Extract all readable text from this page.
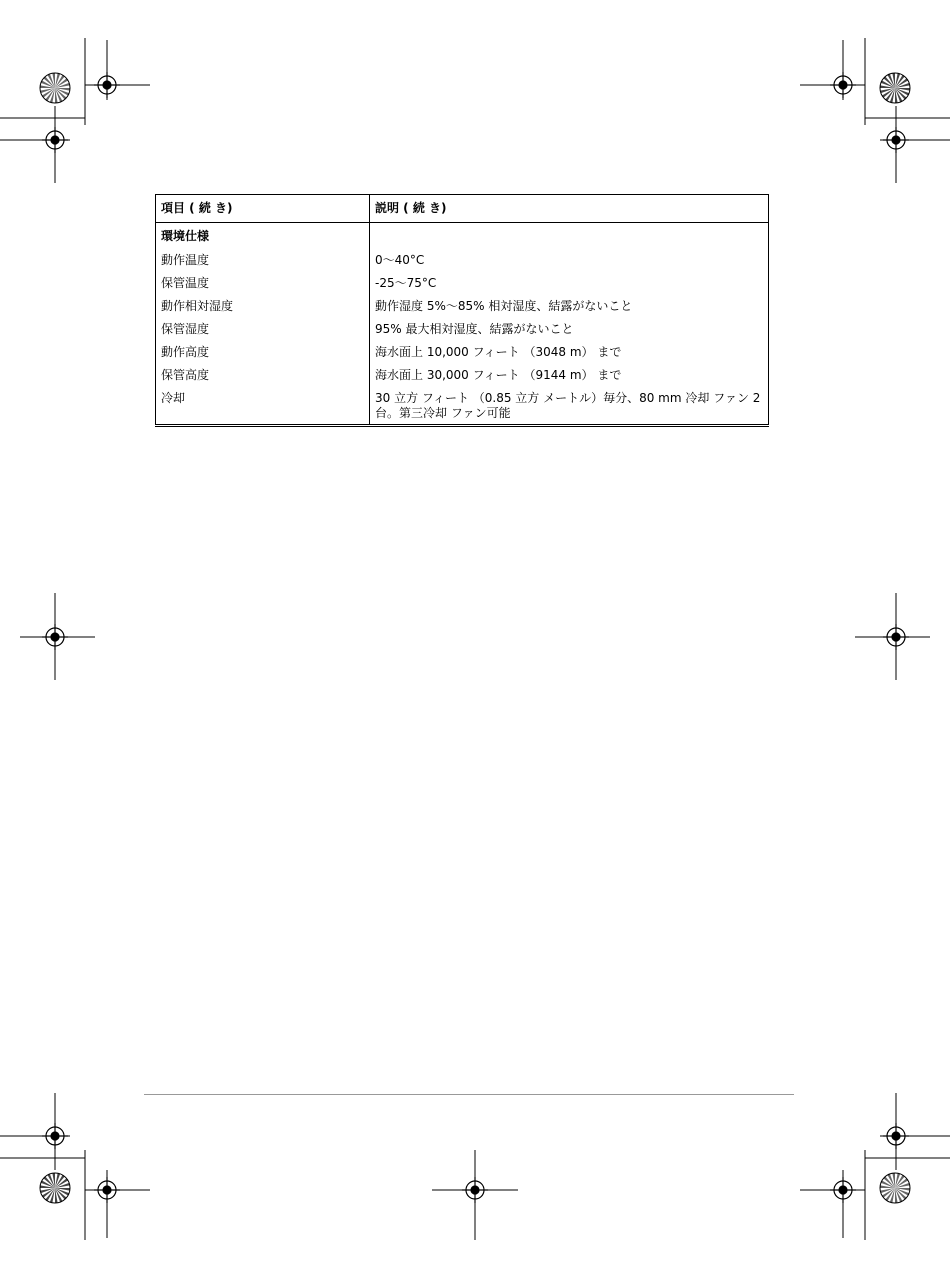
項目 ( 続 き)	説明 ( 続 き)
環境仕様	
動作温度	0～40°C
保管温度	-25～75°C
動作相対湿度	動作湿度 5%～85% 相対湿度、結露がないこと
保管湿度	95% 最大相対湿度、結露がないこと
動作高度	海水面上 10,000 フィート （3048 m） まで
保管高度	海水面上 30,000 フィート （9144 m） まで
冷却	30 立方 フィート （0.85 立方 メートル）毎分、80 mm 冷却 ファン 2 台。第三冷却 ファン可能
